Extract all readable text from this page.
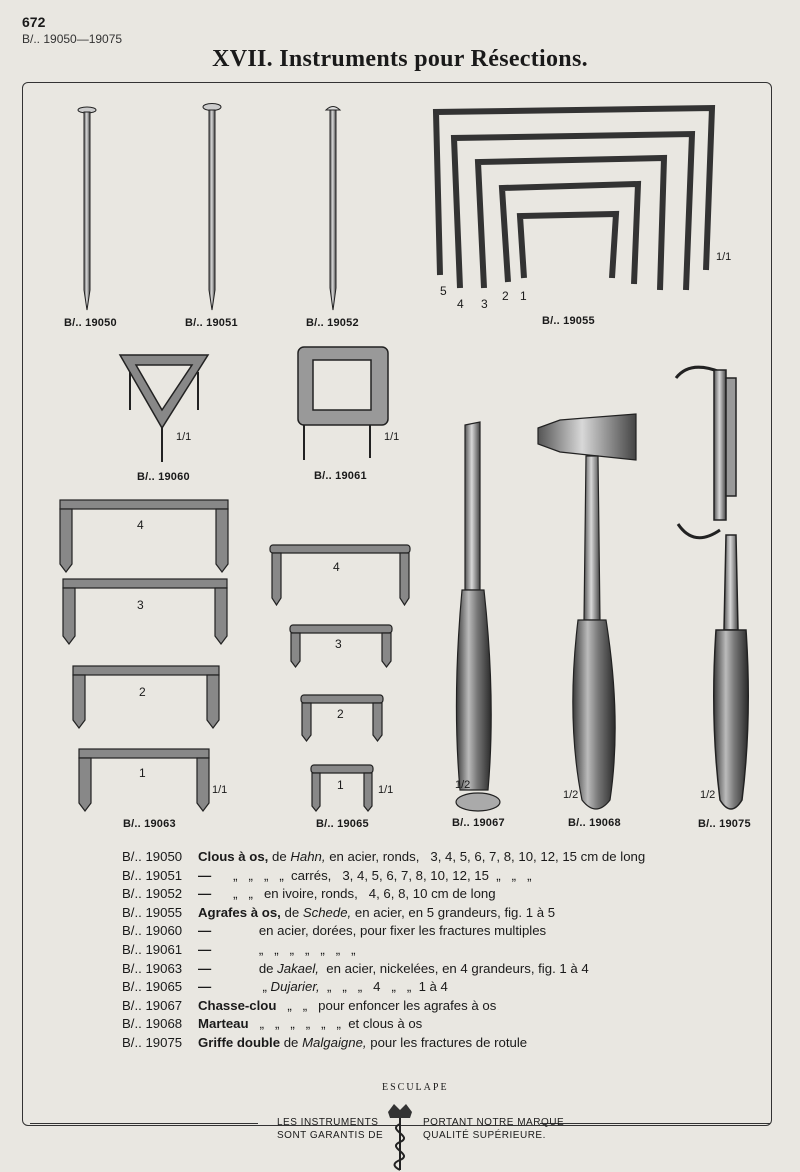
672
B/.. 19050—19075
XVII. Instruments pour Résections.
B/.. 19050	B/.. 19051	B/.. 19052	B/.. 19055
B/.. 19060	B/.. 19061
B/.. 19063	B/.. 19065	B/.. 19067	B/.. 19068	B/.. 19075
5
4 3
2 1
4
3
2
1
4
3
2
1
1/1
1/1	1/1
1/1	1/1	1/2
1/2	1/2
B/.. 19050 Clous à os, de Hahn, en acier, ronds,   3, 4, 5, 6, 7, 8, 10, 12, 15 cm de long
B/.. 19051 —      „   „   „   „  carrés,   3, 4, 5, 6, 7, 8, 10, 12, 15  „   „   „
B/.. 19052 —      „   „   en ivoire, ronds,   4, 6, 8, 10 cm de long
B/.. 19055 Agrafes à os, de Schede, en acier, en 5 grandeurs, fig. 1 à 5
B/.. 19060 —             en acier, dorées, pour fixer les fractures multiples
B/.. 19061 —             „   „   „   „   „   „   „
B/.. 19063 —             de Jakael,  en acier, nickelées, en 4 grandeurs, fig. 1 à 4
B/.. 19065 —              „ Dujarier,  „   „   „   4   „   „  1 à 4
B/.. 19067 Chasse-clou   „   „   pour enfoncer les agrafes à os
B/.. 19068 Marteau   „   „   „   „   „   „  et clous à os
B/.. 19075 Griffe double de Malgaigne, pour les fractures de rotule
LES INSTRUMENTS
SONT GARANTIS DE
PORTANT NOTRE MARQUE
QUALITÉ SUPÉRIEURE.
ESCULAPE
